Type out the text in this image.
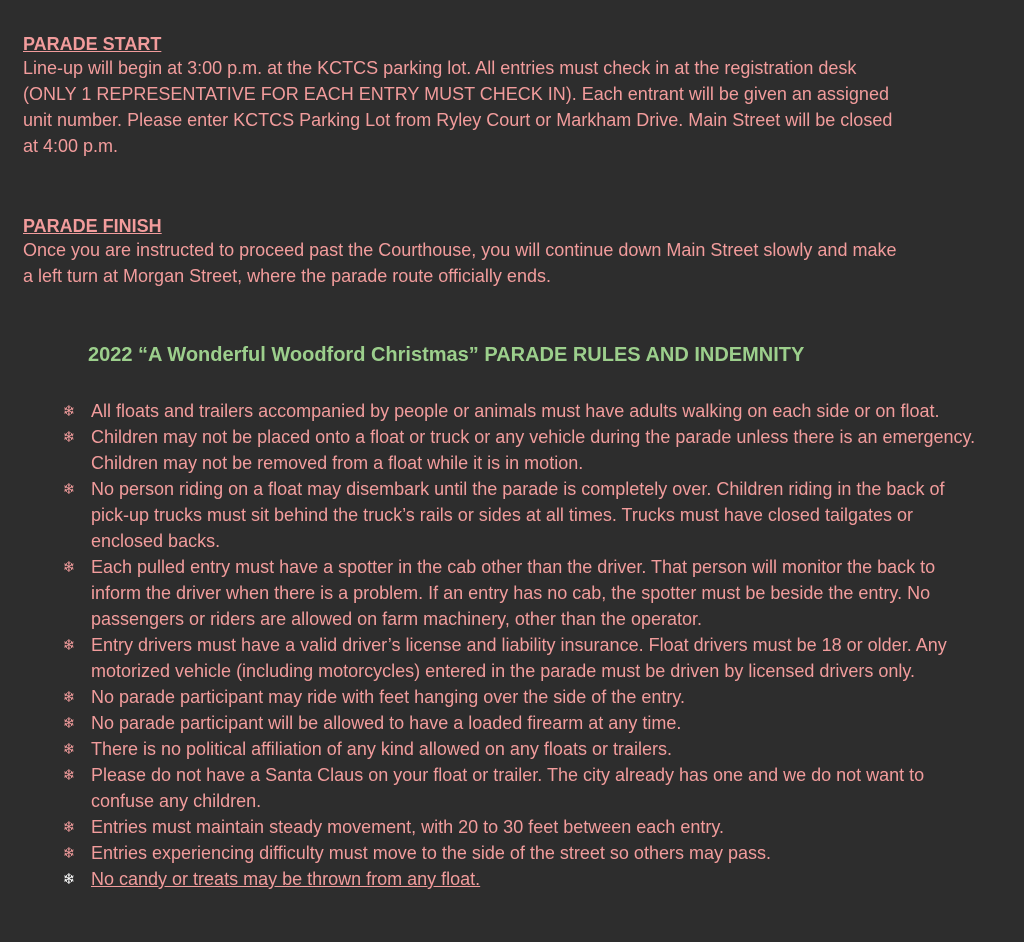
PARADE START
Line-up will begin at 3:00 p.m. at the KCTCS parking lot. All entries must check in at the registration desk
(ONLY 1 REPRESENTATIVE FOR EACH ENTRY MUST CHECK IN). Each entrant will be given an assigned
unit number. Please enter KCTCS Parking Lot from Ryley Court or Markham Drive. Main Street will be closed
at 4:00 p.m.
PARADE FINISH
Once you are instructed to proceed past the Courthouse, you will continue down Main Street slowly and make
a left turn at Morgan Street, where the parade route officially ends.
2022 “A Wonderful Woodford Christmas” PARADE RULES AND INDEMNITY
❄ All floats and trailers accompanied by people or animals must have adults walking on each side or on float.
❄ Children may not be placed onto a float or truck or any vehicle during the parade unless there is an emergency.
Children may not be removed from a float while it is in motion.
❄ No person riding on a float may disembark until the parade is completely over. Children riding in the back of
pick-up trucks must sit behind the truck’s rails or sides at all times. Trucks must have closed tailgates or
enclosed backs.
❄ Each pulled entry must have a spotter in the cab other than the driver. That person will monitor the back to
inform the driver when there is a problem. If an entry has no cab, the spotter must be beside the entry. No
passengers or riders are allowed on farm machinery, other than the operator.
❄ Entry drivers must have a valid driver’s license and liability insurance. Float drivers must be 18 or older. Any
motorized vehicle (including motorcycles) entered in the parade must be driven by licensed drivers only.
❄ No parade participant may ride with feet hanging over the side of the entry.
❄ No parade participant will be allowed to have a loaded firearm at any time.
❄ There is no political affiliation of any kind allowed on any floats or trailers.
❄ Please do not have a Santa Claus on your float or trailer. The city already has one and we do not want to
confuse any children.
❄ Entries must maintain steady movement, with 20 to 30 feet between each entry.
❄ Entries experiencing difficulty must move to the side of the street so others may pass.
❄ No candy or treats may be thrown from any float.
